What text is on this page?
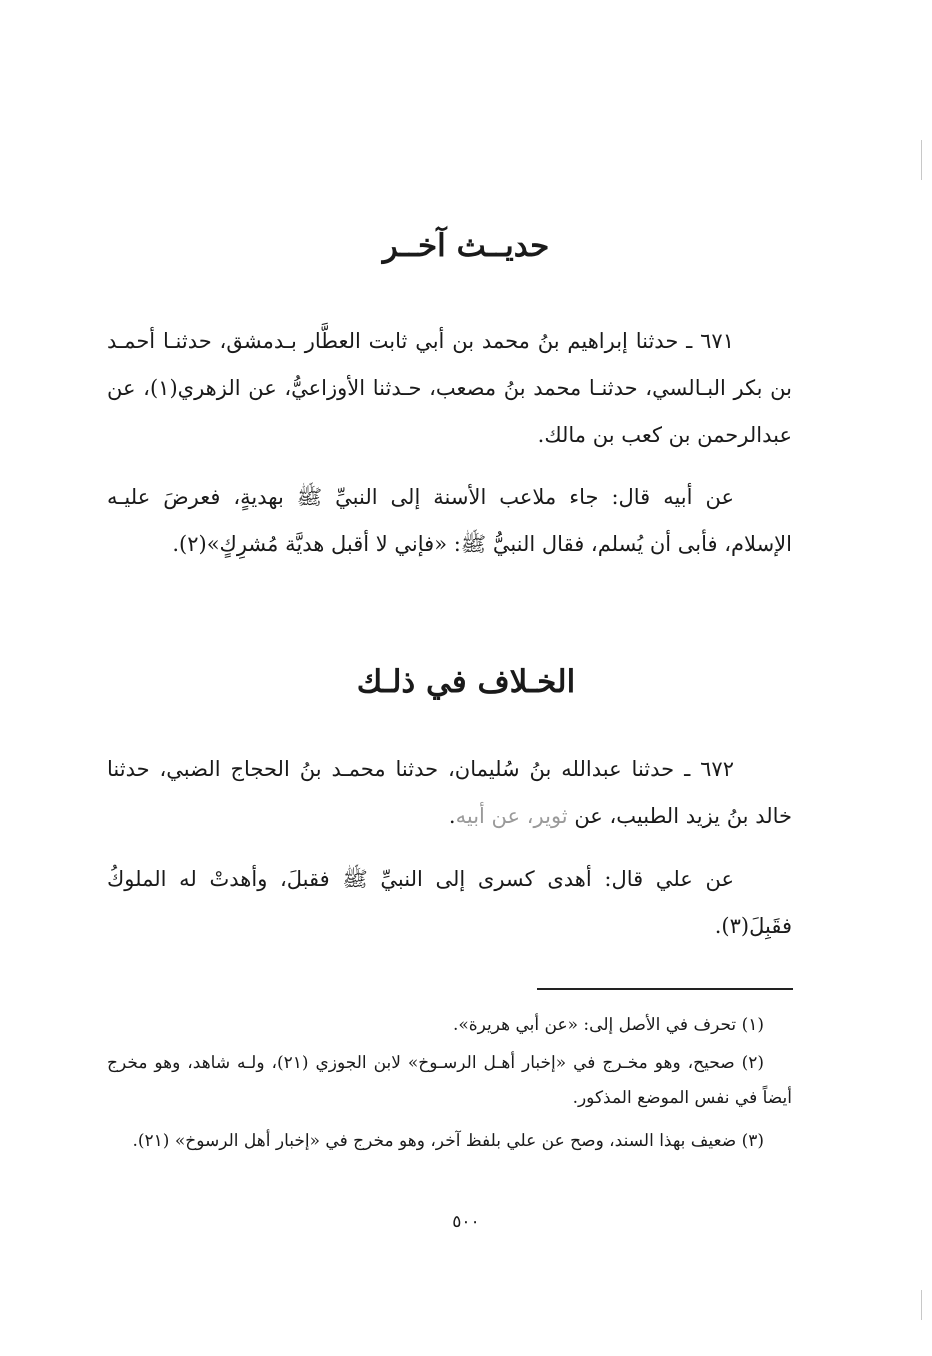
حديــث آخــر
٦٧١ ـ حدثنا إبراهيم بنُ محمد بن أبي ثابت العطَّار بـدمشق، حدثنـا أحمـد بن بكر البـالسي، حدثنـا محمد بنُ مصعب، حـدثنا الأوزاعيُّ، عن الزهري(١)، عن عبدالرحمن بن كعب بن مالك.
عن أبيه قال: جاء ملاعب الأسنة إلى النبيِّ ﷺ بهديةٍ، فعرضَ عليـه الإسلام، فأبى أن يُسلم، فقال النبيُّ ﷺ: «فإني لا أقبل هديَّة مُشرِكٍ»(٢).
الخـلاف في ذلـك
٦٧٢ ـ حدثنا عبدالله بنُ سُليمان، حدثنا محمـد بنُ الحجاج الضبي، حدثنا خالد بنُ يزيد الطبيب، عن ثوير، عن أبيه.
عن علي قال: أهدى كسرى إلى النبيِّ ﷺ فقبلَ، وأهدتْ له الملوكُ فقَبِلَ(٣).
(١) تحرف في الأصل إلى: «عن أبي هريرة».
(٢) صحيح، وهو مخـرج في «إخبار أهـل الرسـوخ» لابن الجوزي (٢١)، ولـه شاهد، وهو مخرج أيضاً في نفس الموضع المذكور.
(٣) ضعيف بهذا السند، وصح عن علي بلفظ آخر، وهو مخرج في «إخبار أهل الرسوخ» (٢١).
٥٠٠
